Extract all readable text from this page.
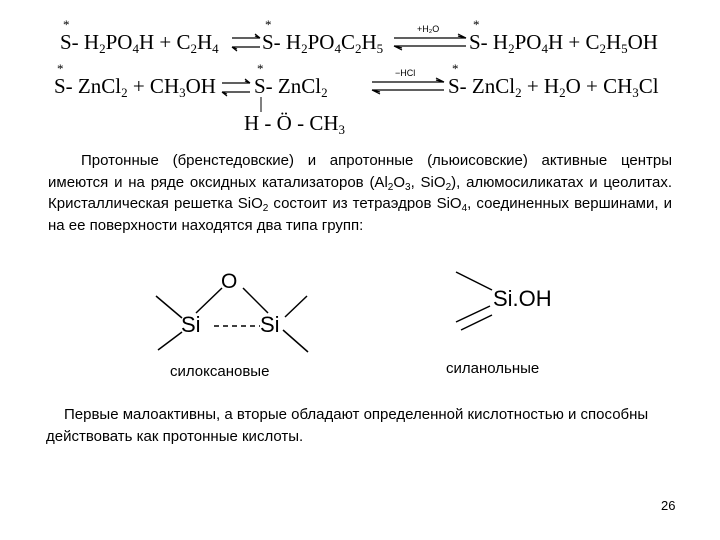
*
S- $H_2PO_4H + C_2H_4$
*
S- $H_2PO_4C_2H_5$
+H₂O	*
S- $H_2PO_4H + C_2H_5OH$
*
S- ZnCl$_2$ + $CH_3OH$
*
S- ZnCl$_2$
−HCl	*
S- ZnCl$_2$ + $H_2O + CH_3Cl$
H - Ö - $CH_3$
Протонные (бренстедовские) и апротонные (льюисовские) активные центры имеются и на ряде оксидных катализаторов ($Al_2O_3$, SiO$_2$), алюмосиликатах и цеолитах. Кристаллическая решетка SiO$_2$ состоит из тетраэдров SiO$_4$, соединенных вершинами, и на ее поверхности находятся два типа групп:
O
Si	Si
силоксановые
Si.OH
силанольные
Первые малоактивны, а вторые обладают определенной кислотностью и способны действовать как протонные кислоты.
26
